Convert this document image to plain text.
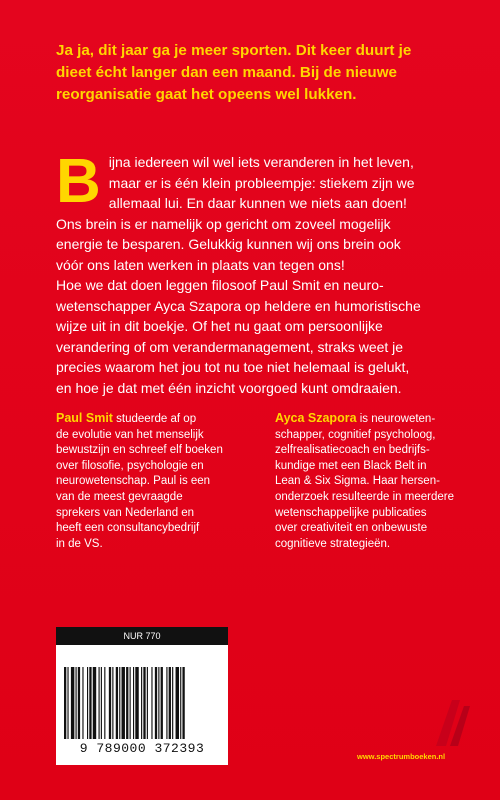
Ja ja, dit jaar ga je meer sporten. Dit keer duurt je
dieet écht langer dan een maand. Bij de nieuwe
reorganisatie gaat het opeens wel lukken.
B ijna iedereen wil wel iets veranderen in het leven,
maar er is één klein probleempje: stiekem zijn we
allemaal lui. En daar kunnen we niets aan doen!
Ons brein is er namelijk op gericht om zoveel mogelijk
energie te besparen. Gelukkig kunnen wij ons brein ook
vóór ons laten werken in plaats van tegen ons!
Hoe we dat doen leggen filosoof Paul Smit en neuro-
wetenschapper Ayca Szapora op heldere en humoristische
wijze uit in dit boekje. Of het nu gaat om persoonlijke
verandering of om verandermanagement, straks weet je
precies waarom het jou tot nu toe niet helemaal is gelukt,
en hoe je dat met één inzicht voorgoed kunt omdraaien.
Paul Smit studeerde af op
de evolutie van het menselijk
bewustzijn en schreef elf boeken
over filosofie, psychologie en
neurowetenschap. Paul is een
van de meest gevraagde
sprekers van Nederland en
heeft een consultancybedrijf
in de VS.
Ayca Szapora is neuroweten-
schapper, cognitief psycholoog,
zelfrealisatiecoach en bedrijfs-
kundige met een Black Belt in
Lean & Six Sigma. Haar hersen-
onderzoek resulteerde in meerdere
wetenschappelijke publicaties
over creativiteit en onbewuste
cognitieve strategieën.
NUR 770
9 789000 372393
www.spectrumboeken.nl
